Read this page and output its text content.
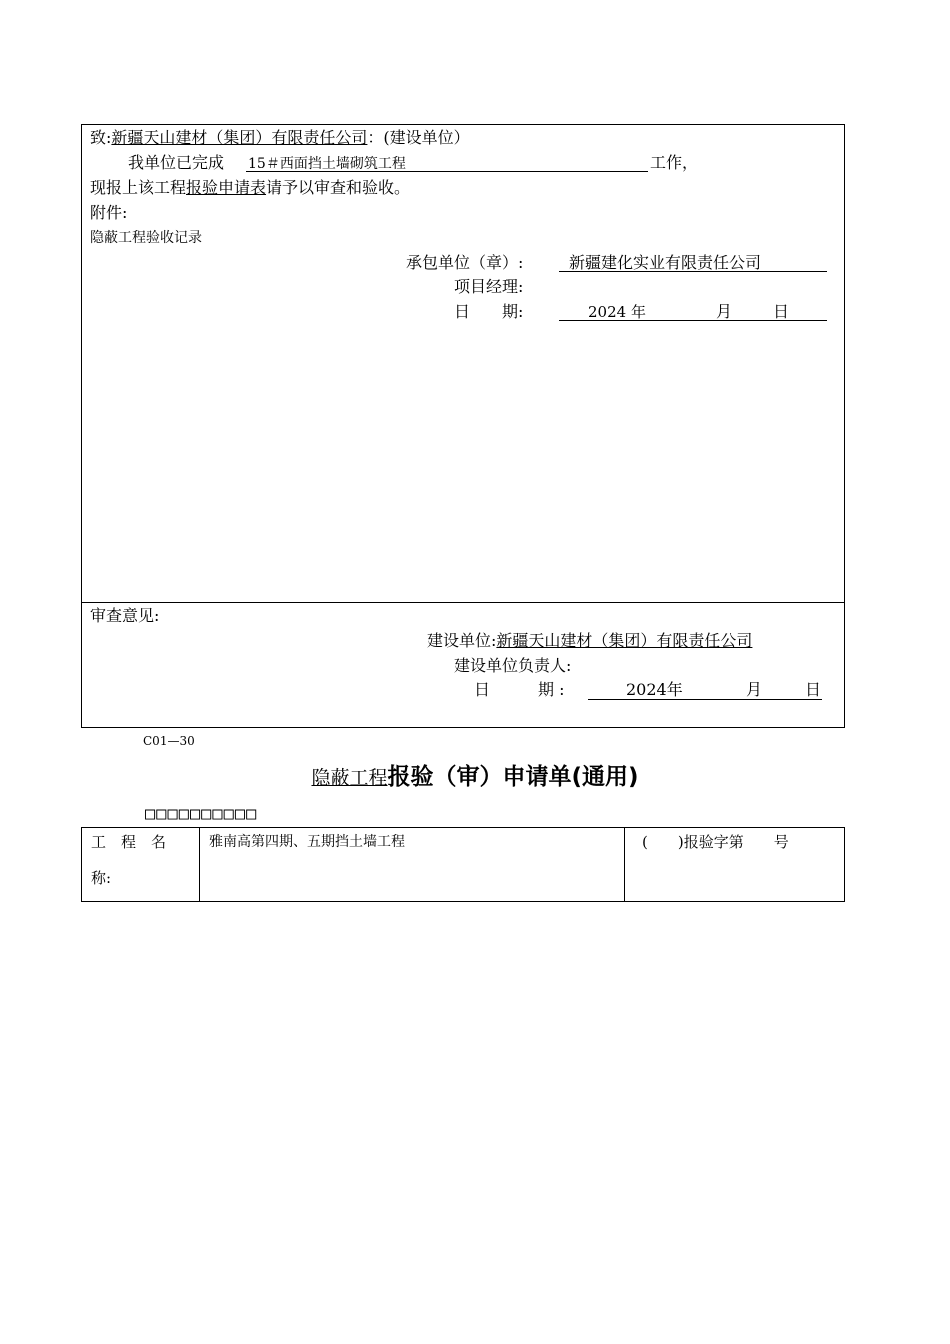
致:新疆天山建材（集团）有限责任公司：(建设单位）
我单位已完成 15＃西面挡土墙砌筑工程	工作，
现报上该工程报验申请表请予以审查和验收。
附件:
隐蔽工程验收记录
承包单位（章）:	新疆建化实业有限责任公司
项目经理:
日　　期:	2024 年	月	日
审查意见:
建设单位:新疆天山建材（集团）有限责任公司
建设单位负责人:
日　　　期 :	2024年	月	日
C01—30
隐蔽工程报验（审）申请单(通用)
□□□□□□□□□□
工　程　名
称:
	雅南高第四期、五期挡土墙工程	(　　)报验字第　　号
